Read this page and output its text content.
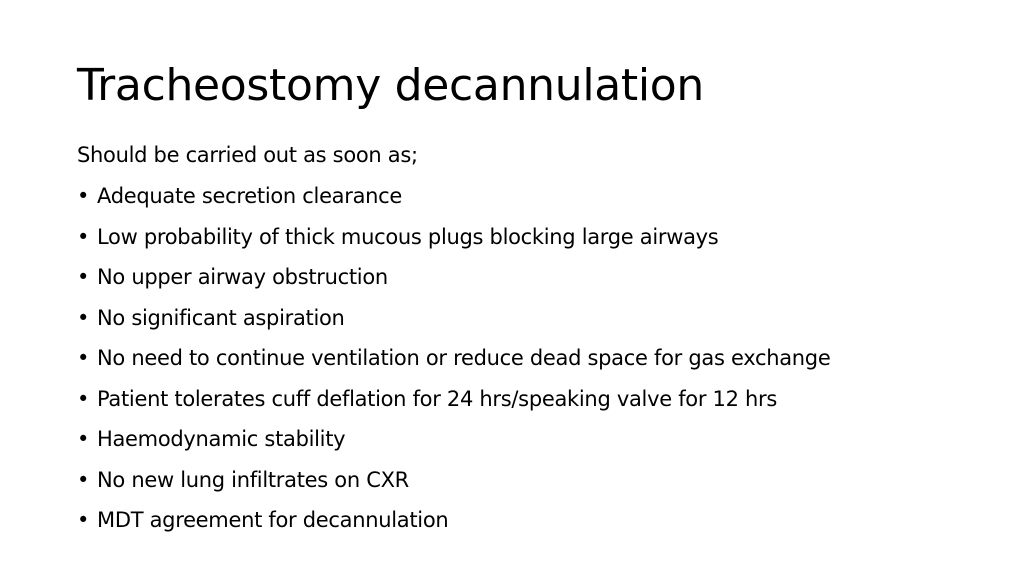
Tracheostomy decannulation

Should be carried out as soon as;

• Adequate secretion clearance
• Low probability of thick mucous plugs blocking large airways
• No upper airway obstruction
• No significant aspiration
• No need to continue ventilation or reduce dead space for gas exchange
• Patient tolerates cuff deflation for 24 hrs/speaking valve for 12 hrs
• Haemodynamic stability
• No new lung infiltrates on CXR
• MDT agreement for decannulation
